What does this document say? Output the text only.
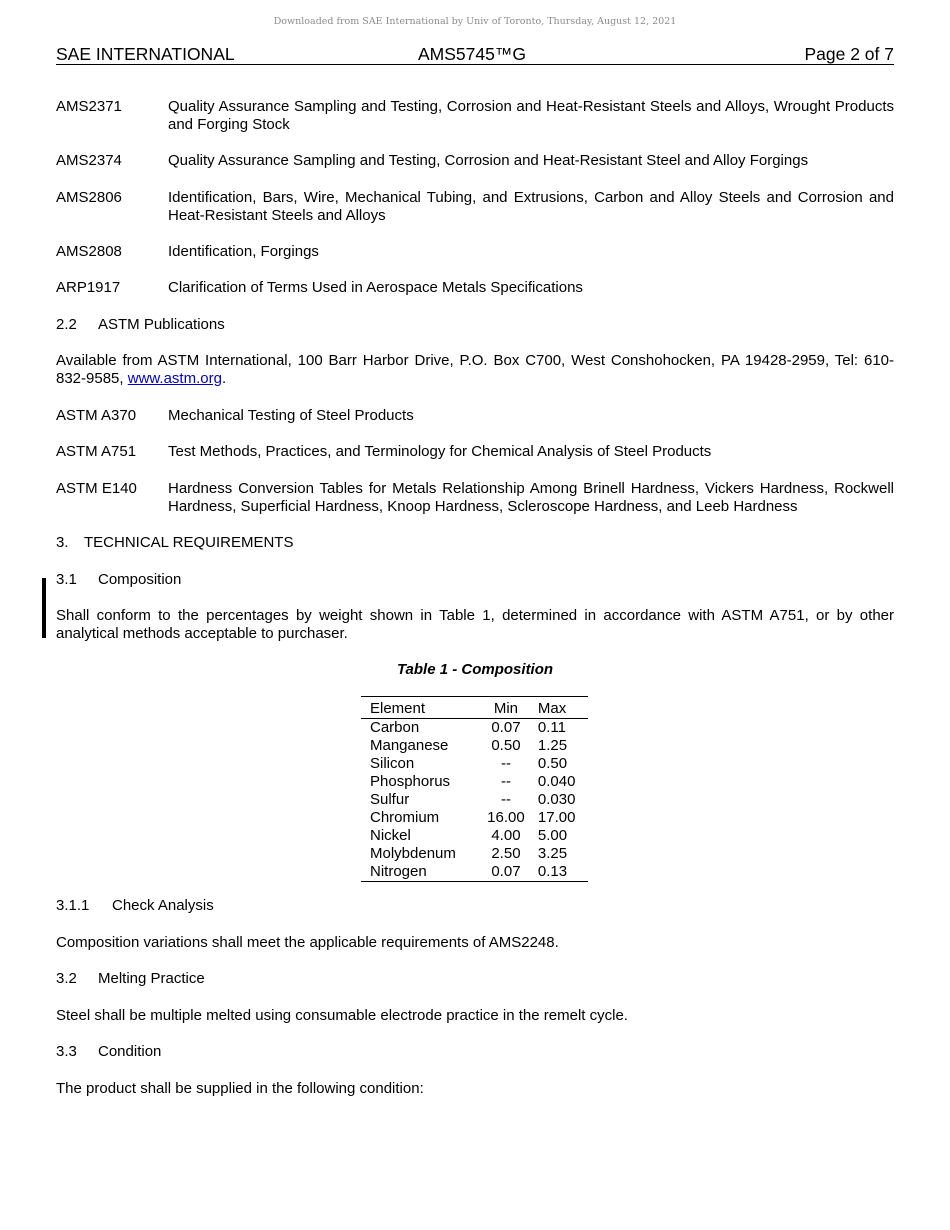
Downloaded from SAE International by Univ of Toronto, Thursday, August 12, 2021
SAE INTERNATIONAL	AMS5745™G	Page 2 of 7
AMS2371	Quality Assurance Sampling and Testing, Corrosion and Heat-Resistant Steels and Alloys, Wrought Products and Forging Stock
AMS2374	Quality Assurance Sampling and Testing, Corrosion and Heat-Resistant Steel and Alloy Forgings
AMS2806	Identification, Bars, Wire, Mechanical Tubing, and Extrusions, Carbon and Alloy Steels and Corrosion and Heat-Resistant Steels and Alloys
AMS2808	Identification, Forgings
ARP1917	Clarification of Terms Used in Aerospace Metals Specifications
2.2 ASTM Publications
Available from ASTM International, 100 Barr Harbor Drive, P.O. Box C700, West Conshohocken, PA 19428-2959, Tel: 610-832-9585, www.astm.org.
ASTM A370 Mechanical Testing of Steel Products
ASTM A751 Test Methods, Practices, and Terminology for Chemical Analysis of Steel Products
ASTM E140 Hardness Conversion Tables for Metals Relationship Among Brinell Hardness, Vickers Hardness, Rockwell Hardness, Superficial Hardness, Knoop Hardness, Scleroscope Hardness, and Leeb Hardness
3. TECHNICAL REQUIREMENTS
3.1 Composition
Shall conform to the percentages by weight shown in Table 1, determined in accordance with ASTM A751, or by other analytical methods acceptable to purchaser.
Table 1 - Composition
Element	Min	Max
Carbon	0.07	0.11
Manganese	0.50	1.25
Silicon	--	0.50
Phosphorus	--	0.040
Sulfur	--	0.030
Chromium	16.00	17.00
Nickel	4.00	5.00
Molybdenum	2.50	3.25
Nitrogen	0.07	0.13
3.1.1 Check Analysis
Composition variations shall meet the applicable requirements of AMS2248.
3.2 Melting Practice
Steel shall be multiple melted using consumable electrode practice in the remelt cycle.
3.3 Condition
The product shall be supplied in the following condition:
